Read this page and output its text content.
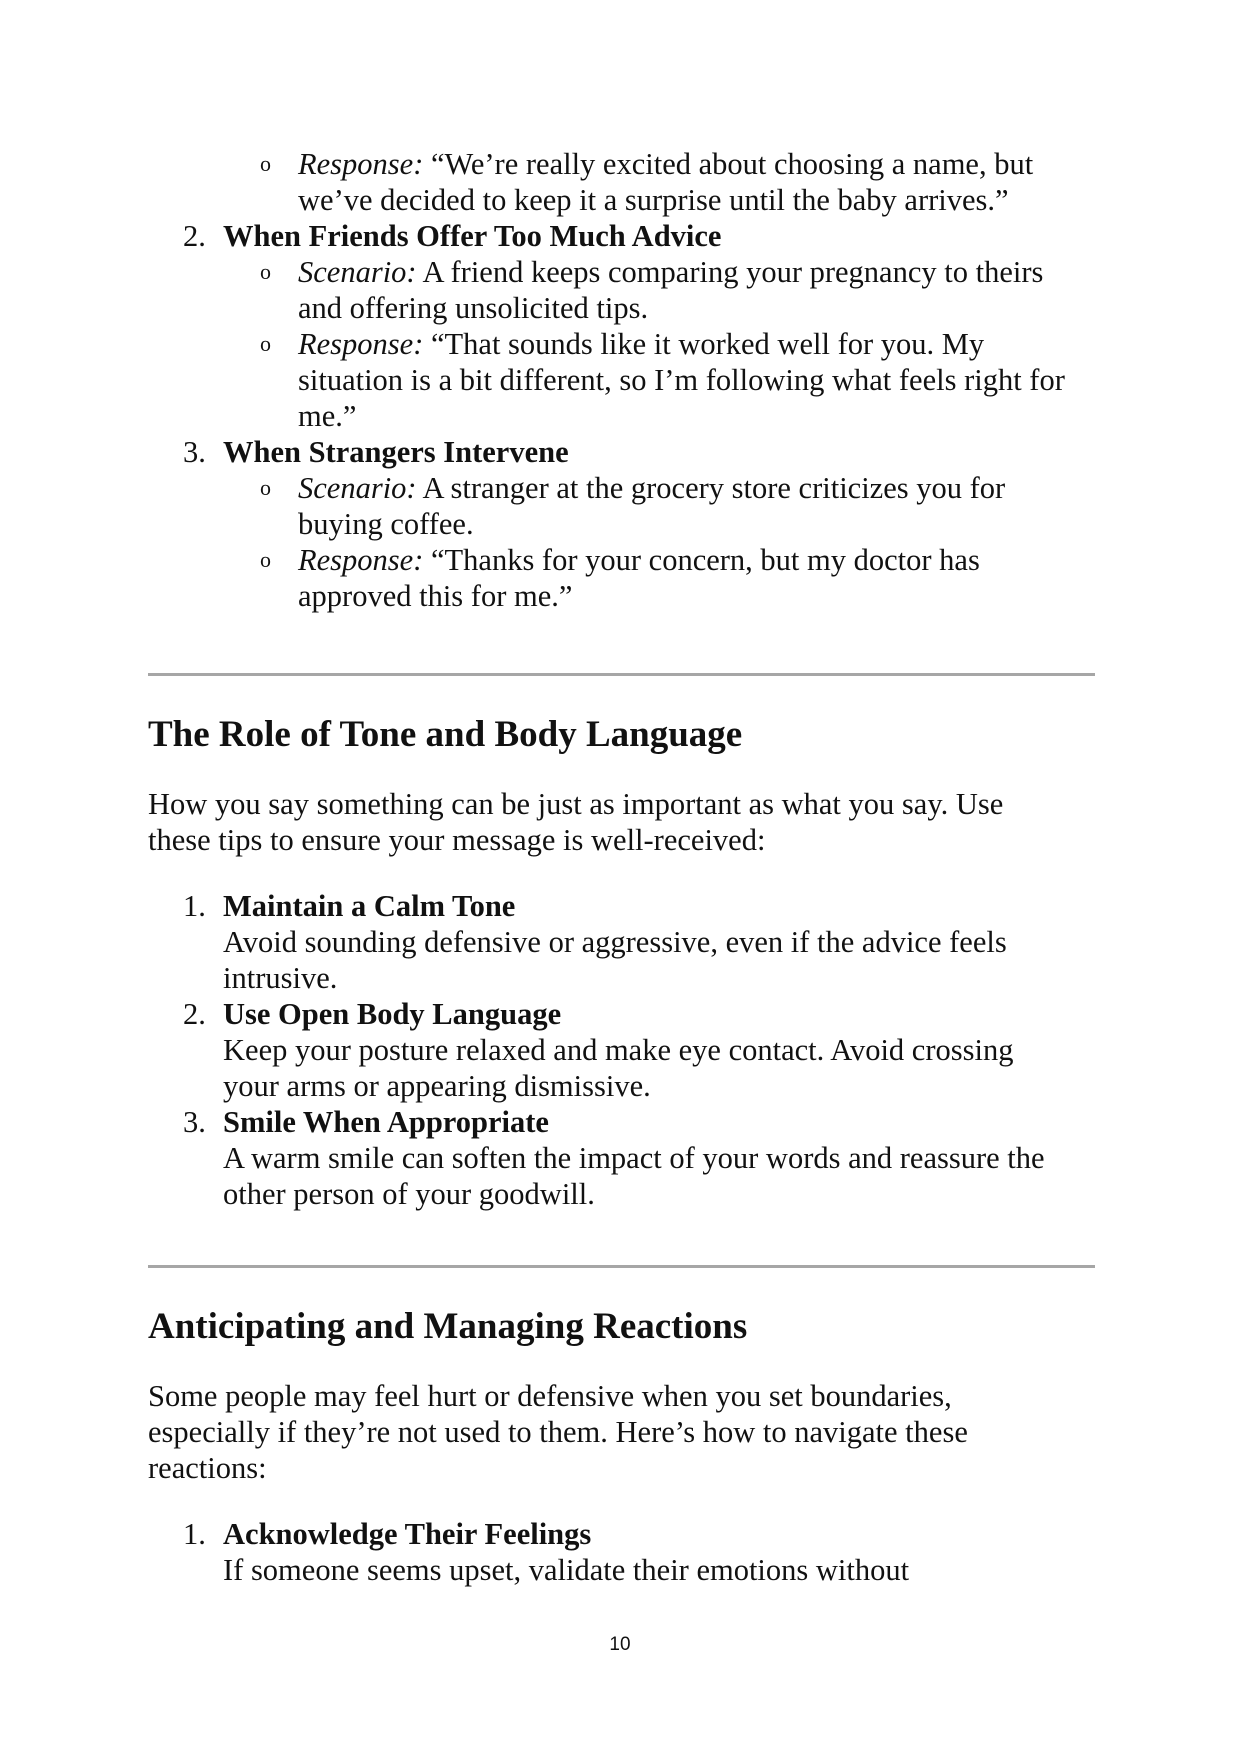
o Response: “We’re really excited about choosing a name, but
we’ve decided to keep it a surprise until the baby arrives.”
2. When Friends Offer Too Much Advice
o Scenario: A friend keeps comparing your pregnancy to theirs
and offering unsolicited tips.
o Response: “That sounds like it worked well for you. My
situation is a bit different, so I’m following what feels right for
me.”
3. When Strangers Intervene
o Scenario: A stranger at the grocery store criticizes you for
buying coffee.
o Response: “Thanks for your concern, but my doctor has
approved this for me.”
The Role of Tone and Body Language
How you say something can be just as important as what you say. Use
these tips to ensure your message is well-received:
1. Maintain a Calm Tone
Avoid sounding defensive or aggressive, even if the advice feels
intrusive.
2. Use Open Body Language
Keep your posture relaxed and make eye contact. Avoid crossing
your arms or appearing dismissive.
3. Smile When Appropriate
A warm smile can soften the impact of your words and reassure the
other person of your goodwill.
Anticipating and Managing Reactions
Some people may feel hurt or defensive when you set boundaries,
especially if they’re not used to them. Here’s how to navigate these
reactions:
1. Acknowledge Their Feelings
If someone seems upset, validate their emotions without
10
